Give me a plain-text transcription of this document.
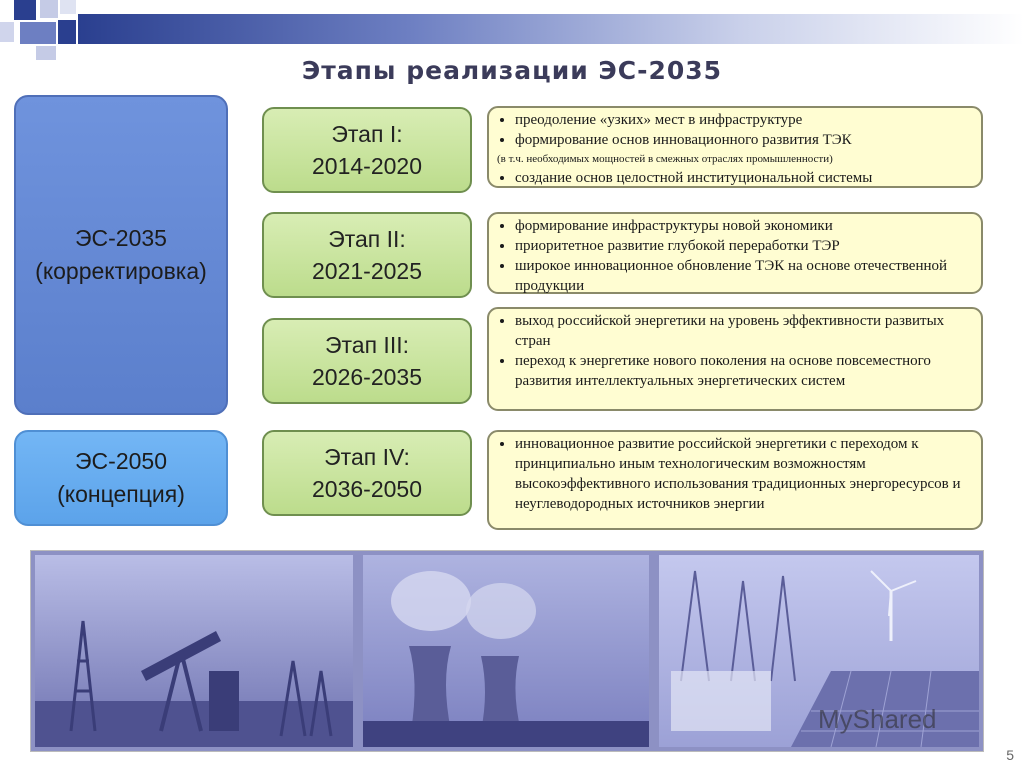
Этапы реализации ЭС-2035
ЭС-2035
(корректировка)
ЭС-2050
(концепция)
Этап I:
2014-2020
Этап II:
2021-2025
Этап III:
2026-2035
Этап IV:
2036-2050
• преодоление «узких» мест в инфраструктуре
• формирование основ инновационного развития ТЭК
(в т.ч. необходимых мощностей в смежных отраслях промышленности)
• создание основ целостной институциональной системы
• формирование инфраструктуры новой экономики
• приоритетное развитие глубокой переработки ТЭР
• широкое инновационное обновление ТЭК на основе отечественной продукции
• выход российской энергетики на уровень эффективности развитых стран
• переход к энергетике нового поколения на основе повсеместного развития интеллектуальных энергетических систем
• инновационное развитие российской энергетики с переходом к принципиально иным технологическим возможностям высокоэффективного использования традиционных энергоресурсов и неуглеводородных источников энергии
MyShared
5
